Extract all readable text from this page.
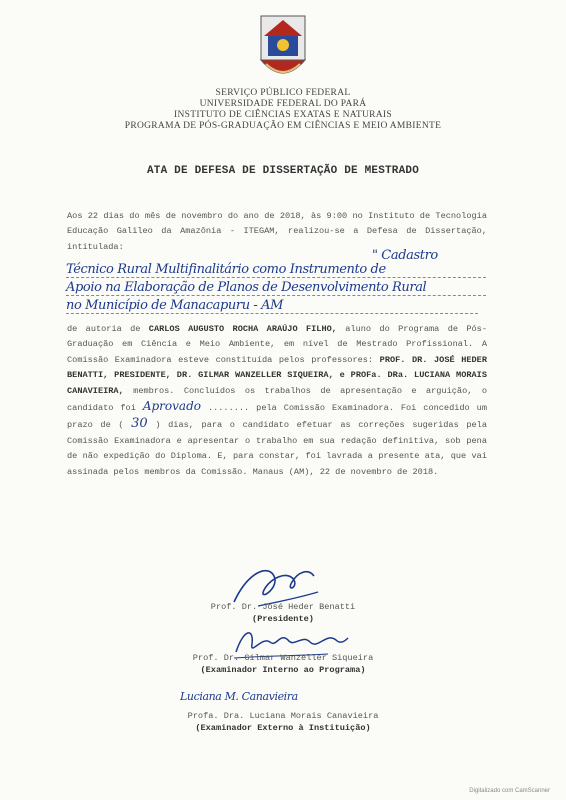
SERVIÇO PÚBLICO FEDERAL
UNIVERSIDADE FEDERAL DO PARÁ
INSTITUTO DE CIÊNCIAS EXATAS E NATURAIS
PROGRAMA DE PÓS-GRADUAÇÃO EM CIÊNCIAS E MEIO AMBIENTE
ATA DE DEFESA DE DISSERTAÇÃO DE MESTRADO
Aos 22 dias do mês de novembro do ano de 2018, às 9:00 no Instituto de Tecnologia Educação Galileo da Amazônia - ITEGAM, realizou-se a Defesa de Dissertação, intitulada:
" Cadastro
Técnico Rural Multifinalitário como Instrumento de
Apoio na Elaboração de Planos de Desenvolvimento Rural
no Município de Manacapuru - AM
de autoria de CARLOS AUGUSTO ROCHA ARAÚJO FILHO, aluno do Programa de Pós-Graduação em Ciência e Meio Ambiente, em nível de Mestrado Profissional. A Comissão Examinadora esteve constituída pelos professores: PROF. DR. JOSÉ HEDER BENATTI, PRESIDENTE, DR. GILMAR WANZELLER SIQUEIRA, e PROFa. DRa. LUCIANA MORAIS CANAVIEIRA, membros. Concluídos os trabalhos de apresentação e arguição, o candidato foi Aprovado ........ pela Comissão Examinadora. Foi concedido um prazo de ( 30 ) dias, para o candidato efetuar as correções sugeridas pela Comissão Examinadora e apresentar o trabalho em sua redação definitiva, sob pena de não expedição do Diploma. E, para constar, foi lavrada a presente ata, que vai assinada pelos membros da Comissão. Manaus (AM), 22 de novembro de 2018.
Prof. Dr. José Heder Benatti
(Presidente)
Prof. Dr. Gilmar Wanzeller Siqueira
(Examinador Interno ao Programa)
Luciana M. Canavieira
Profa. Dra. Luciana Morais Canavieira
(Examinador Externo à Instituição)
Digitalizado com CamScanner
